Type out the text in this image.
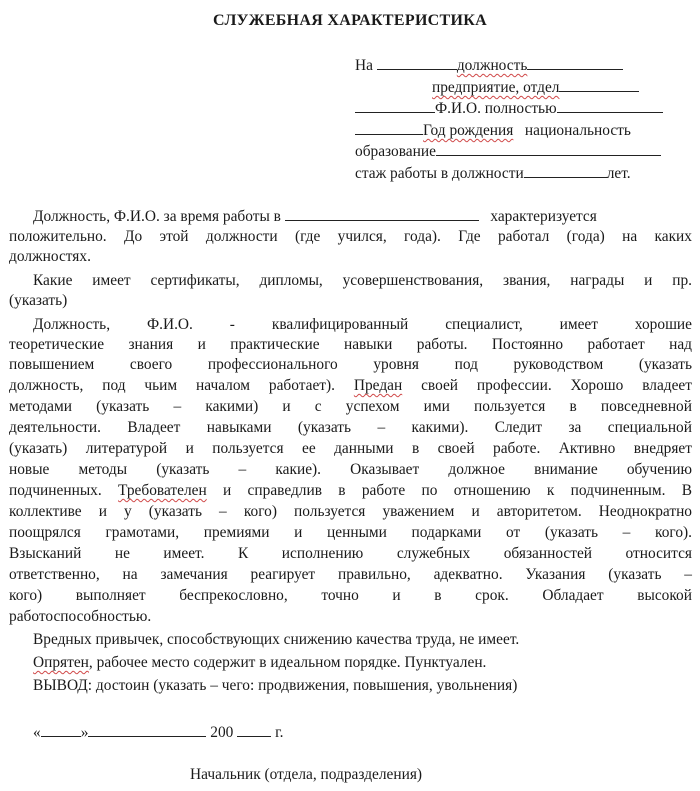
СЛУЖЕБНАЯ ХАРАКТЕРИСТИКА
На	должность
предприятие, отдел
Ф.И.О. полностью
Год рождения национальность
образование
стаж работы в должности	лет.
Должность, Ф.И.О. за время работы в	характеризуется
положительно. До этой должности (где учился, года). Где работал (года) на каких
должностях.
Какие имеет сертификаты, дипломы, усовершенствования, звания, награды и пр.
(указать)
Должность, Ф.И.О. - квалифицированный специалист, имеет хорошие
теоретические знания и практические навыки работы. Постоянно работает над
повышением своего профессионального уровня под руководством (указать
должность, под чьим началом работает). Предан своей профессии. Хорошо владеет
методами (указать – какими) и с успехом ими пользуется в повседневной
деятельности. Владеет навыками (указать – какими). Следит за специальной
(указать) литературой и пользуется ее данными в своей работе. Активно внедряет
новые методы (указать – какие). Оказывает должное внимание обучению
подчиненных. Требователен и справедлив в работе по отношению к подчиненным. В
коллективе и у (указать – кого) пользуется уважением и авторитетом. Неоднократно
поощрялся грамотами, премиями и ценными подарками от (указать – кого).
Взысканий не имеет. К исполнению служебных обязанностей относится
ответственно, на замечания реагирует правильно, адекватно. Указания (указать –
кого) выполняет беспрекословно, точно и в срок. Обладает высокой
работоспособностью.
Вредных привычек, способствующих снижению качества труда, не имеет.
Опрятен, рабочее место содержит в идеальном порядке. Пунктуален.
ВЫВОД: достоин (указать – чего: продвижения, повышения, увольнения)
«	»	200	г.
Начальник (отдела, подразделения)
